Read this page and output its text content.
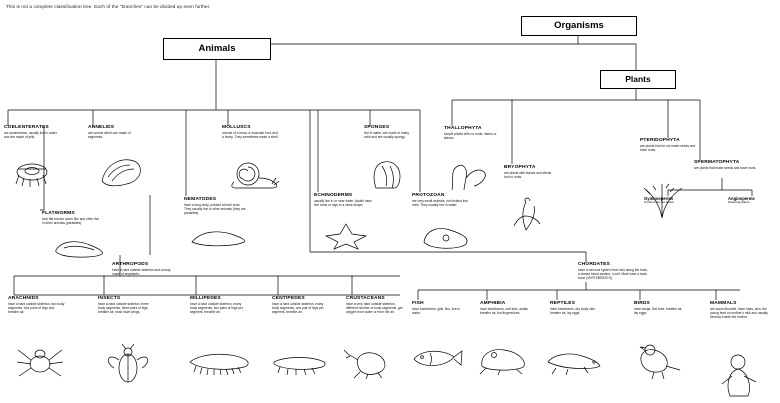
This is not a complete classification tree. Each of the "branches" can be divided up even further.
Organisms
Animals
Plants
COELENTERATES
are symmetrical, usually live in water and are made of jelly.
ANNELIDS
are worms which are made of segments.
FLATWORMS
look flat but are worm like and often live in other animals (parasites).
MOLLUSCS
consist of a head, a muscular foot, and a hump. They sometimes make a shell.
NEMATODES
have a long body, pointed at both ends. They usually live in other animals (they are parasites).
SPONGES
live in water, are made of many cells and are usually spongy.
ECHINODERMS
usually live in or near water. Adults have five arms or rays in a circle shape.
PROTOZOAN
are very small animals, not divided into cells. They usually live in water.
ARTHROPODS
have a hard outside skeleton and a body made of segments.
ARACHNIDS
have a hard outside skeleton, two body segments, four pairs of legs and breathe air.
INSECTS
have a hard outside skeleton, three body segments, three pairs of legs breathe air, most have wings.
MILLIPEDES
have a hard outside skeleton, many body segments, two pairs of legs per segment, breathe air.
CENTIPEDES
have a hard outside skeleton, many body segments, one pair of legs per segment, breathe air.
CRUSTACEANS
have a very hard outside skeleton, different number of body segments, get oxygen from water or from the air.
CHORDATES
have a nervous system that runs along the back, a closed blood system, a cell. Most have a back bone (VERTEBRATES).
FISH
have backbones, gills, fins, live in water.
AMPHIBIA
have backbones, soft skin, adults breathe air, but fingers/toes.
REPTILES
have backbones, dry scaly skin, breathe air, lay eggs.
BIRDS
have wings, five toes, breathe air, lay eggs.
MAMMALS
are warm-blooded, have hairs, skin, the young feed on mother's milk and usually develop inside the mother.
THALLOPHYTA
simple plants with no roots, stems or leaves.
BRYOPHYTA
are plants with leaves and stems but no roots.
PTERIDOPHYTA
are plants that do not make seeds and have roots.
SPERMATOPHYTA
are plants that make seeds and have roots.
Gymnosperms
Conifers do not flower
Angiosperms
flowering plants
